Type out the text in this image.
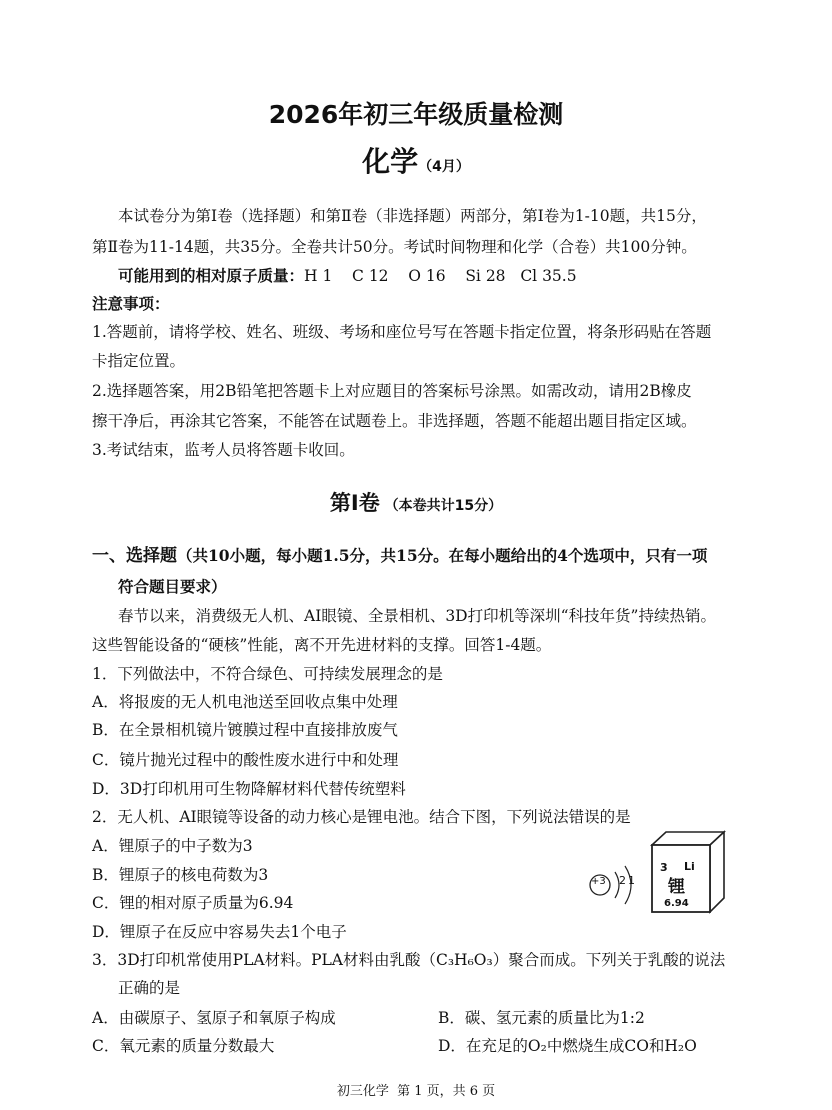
2026年初三年级质量检测
化学（4月）
本试卷分为第Ⅰ卷（选择题）和第Ⅱ卷（非选择题）两部分，第Ⅰ卷为1-10题，共15分，
第Ⅱ卷为11-14题，共35分。全卷共计50分。考试时间物理和化学（合卷）共100分钟。
可能用到的相对原子质量：H 1    C 12    O 16    Si 28   Cl 35.5
注意事项：
1.答题前，请将学校、姓名、班级、考场和座位号写在答题卡指定位置，将条形码贴在答题
卡指定位置。
2.选择题答案，用2B铅笔把答题卡上对应题目的答案标号涂黑。如需改动，请用2B橡皮
擦干净后，再涂其它答案，不能答在试题卷上。非选择题，答题不能超出题目指定区域。
3.考试结束，监考人员将答题卡收回。
第Ⅰ卷 （本卷共计15分）
一、选择题（共10小题，每小题1.5分，共15分。在每小题给出的4个选项中，只有一项
符合题目要求）
春节以来，消费级无人机、AI眼镜、全景相机、3D打印机等深圳“科技年货”持续热销。
这些智能设备的“硬核”性能，离不开先进材料的支撑。回答1-4题。
1．下列做法中，不符合绿色、可持续发展理念的是
A．将报废的无人机电池送至回收点集中处理
B．在全景相机镜片镀膜过程中直接排放废气
C．镜片抛光过程中的酸性废水进行中和处理
D．3D打印机用可生物降解材料代替传统塑料
2．无人机、AI眼镜等设备的动力核心是锂电池。结合下图，下列说法错误的是
A．锂原子的中子数为3
B．锂原子的核电荷数为3
C．锂的相对原子质量为6.94
D．锂原子在反应中容易失去1个电子
+3 2 1
3 Li
锂
6.94
3．3D打印机常使用PLA材料。PLA材料由乳酸（C₃H₆O₃）聚合而成。下列关于乳酸的说法
正确的是
A．由碳原子、氢原子和氧原子构成	B．碳、氢元素的质量比为1:2
C．氧元素的质量分数最大	D．在充足的O₂中燃烧生成CO和H₂O
初三化学  第 1 页，共 6 页
